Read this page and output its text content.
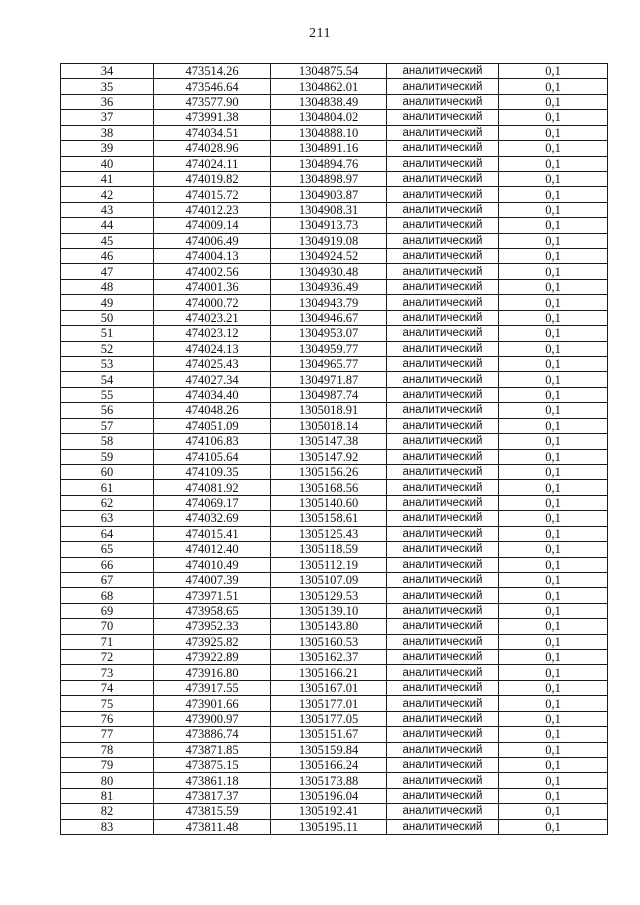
211
34	473514.26	1304875.54	аналитический	0,1
35	473546.64	1304862.01	аналитический	0,1
36	473577.90	1304838.49	аналитический	0,1
37	473991.38	1304804.02	аналитический	0,1
38	474034.51	1304888.10	аналитический	0,1
39	474028.96	1304891.16	аналитический	0,1
40	474024.11	1304894.76	аналитический	0,1
41	474019.82	1304898.97	аналитический	0,1
42	474015.72	1304903.87	аналитический	0,1
43	474012.23	1304908.31	аналитический	0,1
44	474009.14	1304913.73	аналитический	0,1
45	474006.49	1304919.08	аналитический	0,1
46	474004.13	1304924.52	аналитический	0,1
47	474002.56	1304930.48	аналитический	0,1
48	474001.36	1304936.49	аналитический	0,1
49	474000.72	1304943.79	аналитический	0,1
50	474023.21	1304946.67	аналитический	0,1
51	474023.12	1304953.07	аналитический	0,1
52	474024.13	1304959.77	аналитический	0,1
53	474025.43	1304965.77	аналитический	0,1
54	474027.34	1304971.87	аналитический	0,1
55	474034.40	1304987.74	аналитический	0,1
56	474048.26	1305018.91	аналитический	0,1
57	474051.09	1305018.14	аналитический	0,1
58	474106.83	1305147.38	аналитический	0,1
59	474105.64	1305147.92	аналитический	0,1
60	474109.35	1305156.26	аналитический	0,1
61	474081.92	1305168.56	аналитический	0,1
62	474069.17	1305140.60	аналитический	0,1
63	474032.69	1305158.61	аналитический	0,1
64	474015.41	1305125.43	аналитический	0,1
65	474012.40	1305118.59	аналитический	0,1
66	474010.49	1305112.19	аналитический	0,1
67	474007.39	1305107.09	аналитический	0,1
68	473971.51	1305129.53	аналитический	0,1
69	473958.65	1305139.10	аналитический	0,1
70	473952.33	1305143.80	аналитический	0,1
71	473925.82	1305160.53	аналитический	0,1
72	473922.89	1305162.37	аналитический	0,1
73	473916.80	1305166.21	аналитический	0,1
74	473917.55	1305167.01	аналитический	0,1
75	473901.66	1305177.01	аналитический	0,1
76	473900.97	1305177.05	аналитический	0,1
77	473886.74	1305151.67	аналитический	0,1
78	473871.85	1305159.84	аналитический	0,1
79	473875.15	1305166.24	аналитический	0,1
80	473861.18	1305173.88	аналитический	0,1
81	473817.37	1305196.04	аналитический	0,1
82	473815.59	1305192.41	аналитический	0,1
83	473811.48	1305195.11	аналитический	0,1
